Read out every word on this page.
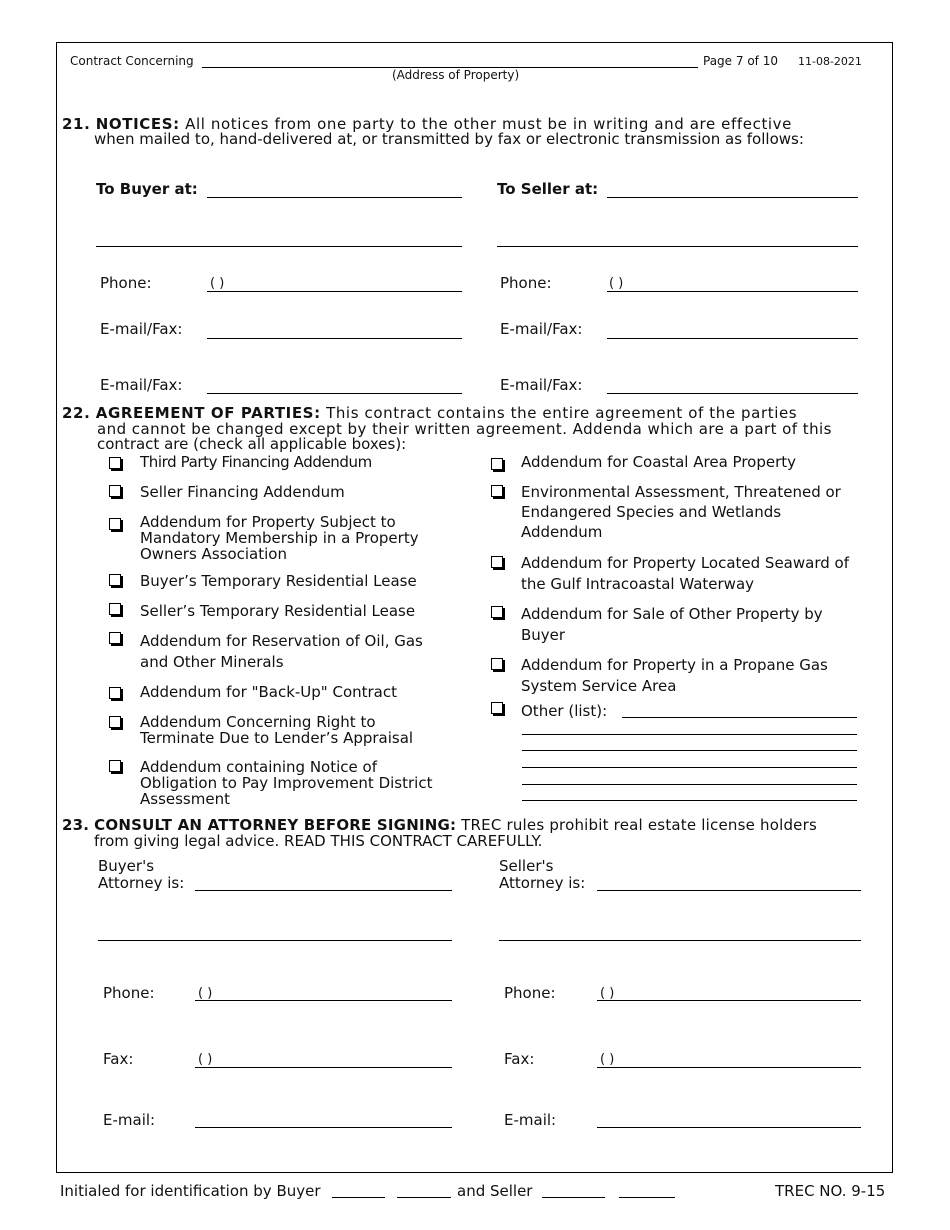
Contract Concerning
(Address of Property)
Page 7 of 10 11-08-2021
21. NOTICES: All notices from one party to the other must be in writing and are effective
when mailed to, hand-delivered at, or transmitted by fax or electronic transmission as follows:
To Buyer at:	To Seller at:
Phone:	( )	Phone:	( )
E-mail/Fax:	E-mail/Fax:
E-mail/Fax:	E-mail/Fax:
22. AGREEMENT OF PARTIES: This contract contains the entire agreement of the parties
and cannot be changed except by their written agreement. Addenda which are a part of this
contract are (check all applicable boxes):
Third Party Financing Addendum
Seller Financing Addendum
Addendum for Property Subject to Mandatory Membership in a Property Owners Association
Buyer’s Temporary Residential Lease
Seller’s Temporary Residential Lease
Addendum for Reservation of Oil, Gas and Other Minerals
Addendum for "Back-Up" Contract
Addendum Concerning Right to Terminate Due to Lender’s Appraisal
Addendum containing Notice of Obligation to Pay Improvement District Assessment
Addendum for Coastal Area Property
Environmental Assessment, Threatened or Endangered Species and Wetlands Addendum
Addendum for Property Located Seaward of the Gulf Intracoastal Waterway
Addendum for Sale of Other Property by Buyer
Addendum for Property in a Propane Gas System Service Area
Other (list):
23. CONSULT AN ATTORNEY BEFORE SIGNING: TREC rules prohibit real estate license holders
from giving legal advice. READ THIS CONTRACT CAREFULLY.
Buyer's
Attorney is:
Seller's
Attorney is:
Phone:	( )	Phone:	( )
Fax:	( )	Fax:	( )
E-mail:	E-mail:
Initialed for identification by Buyer	and Seller	TREC NO. 9-15
